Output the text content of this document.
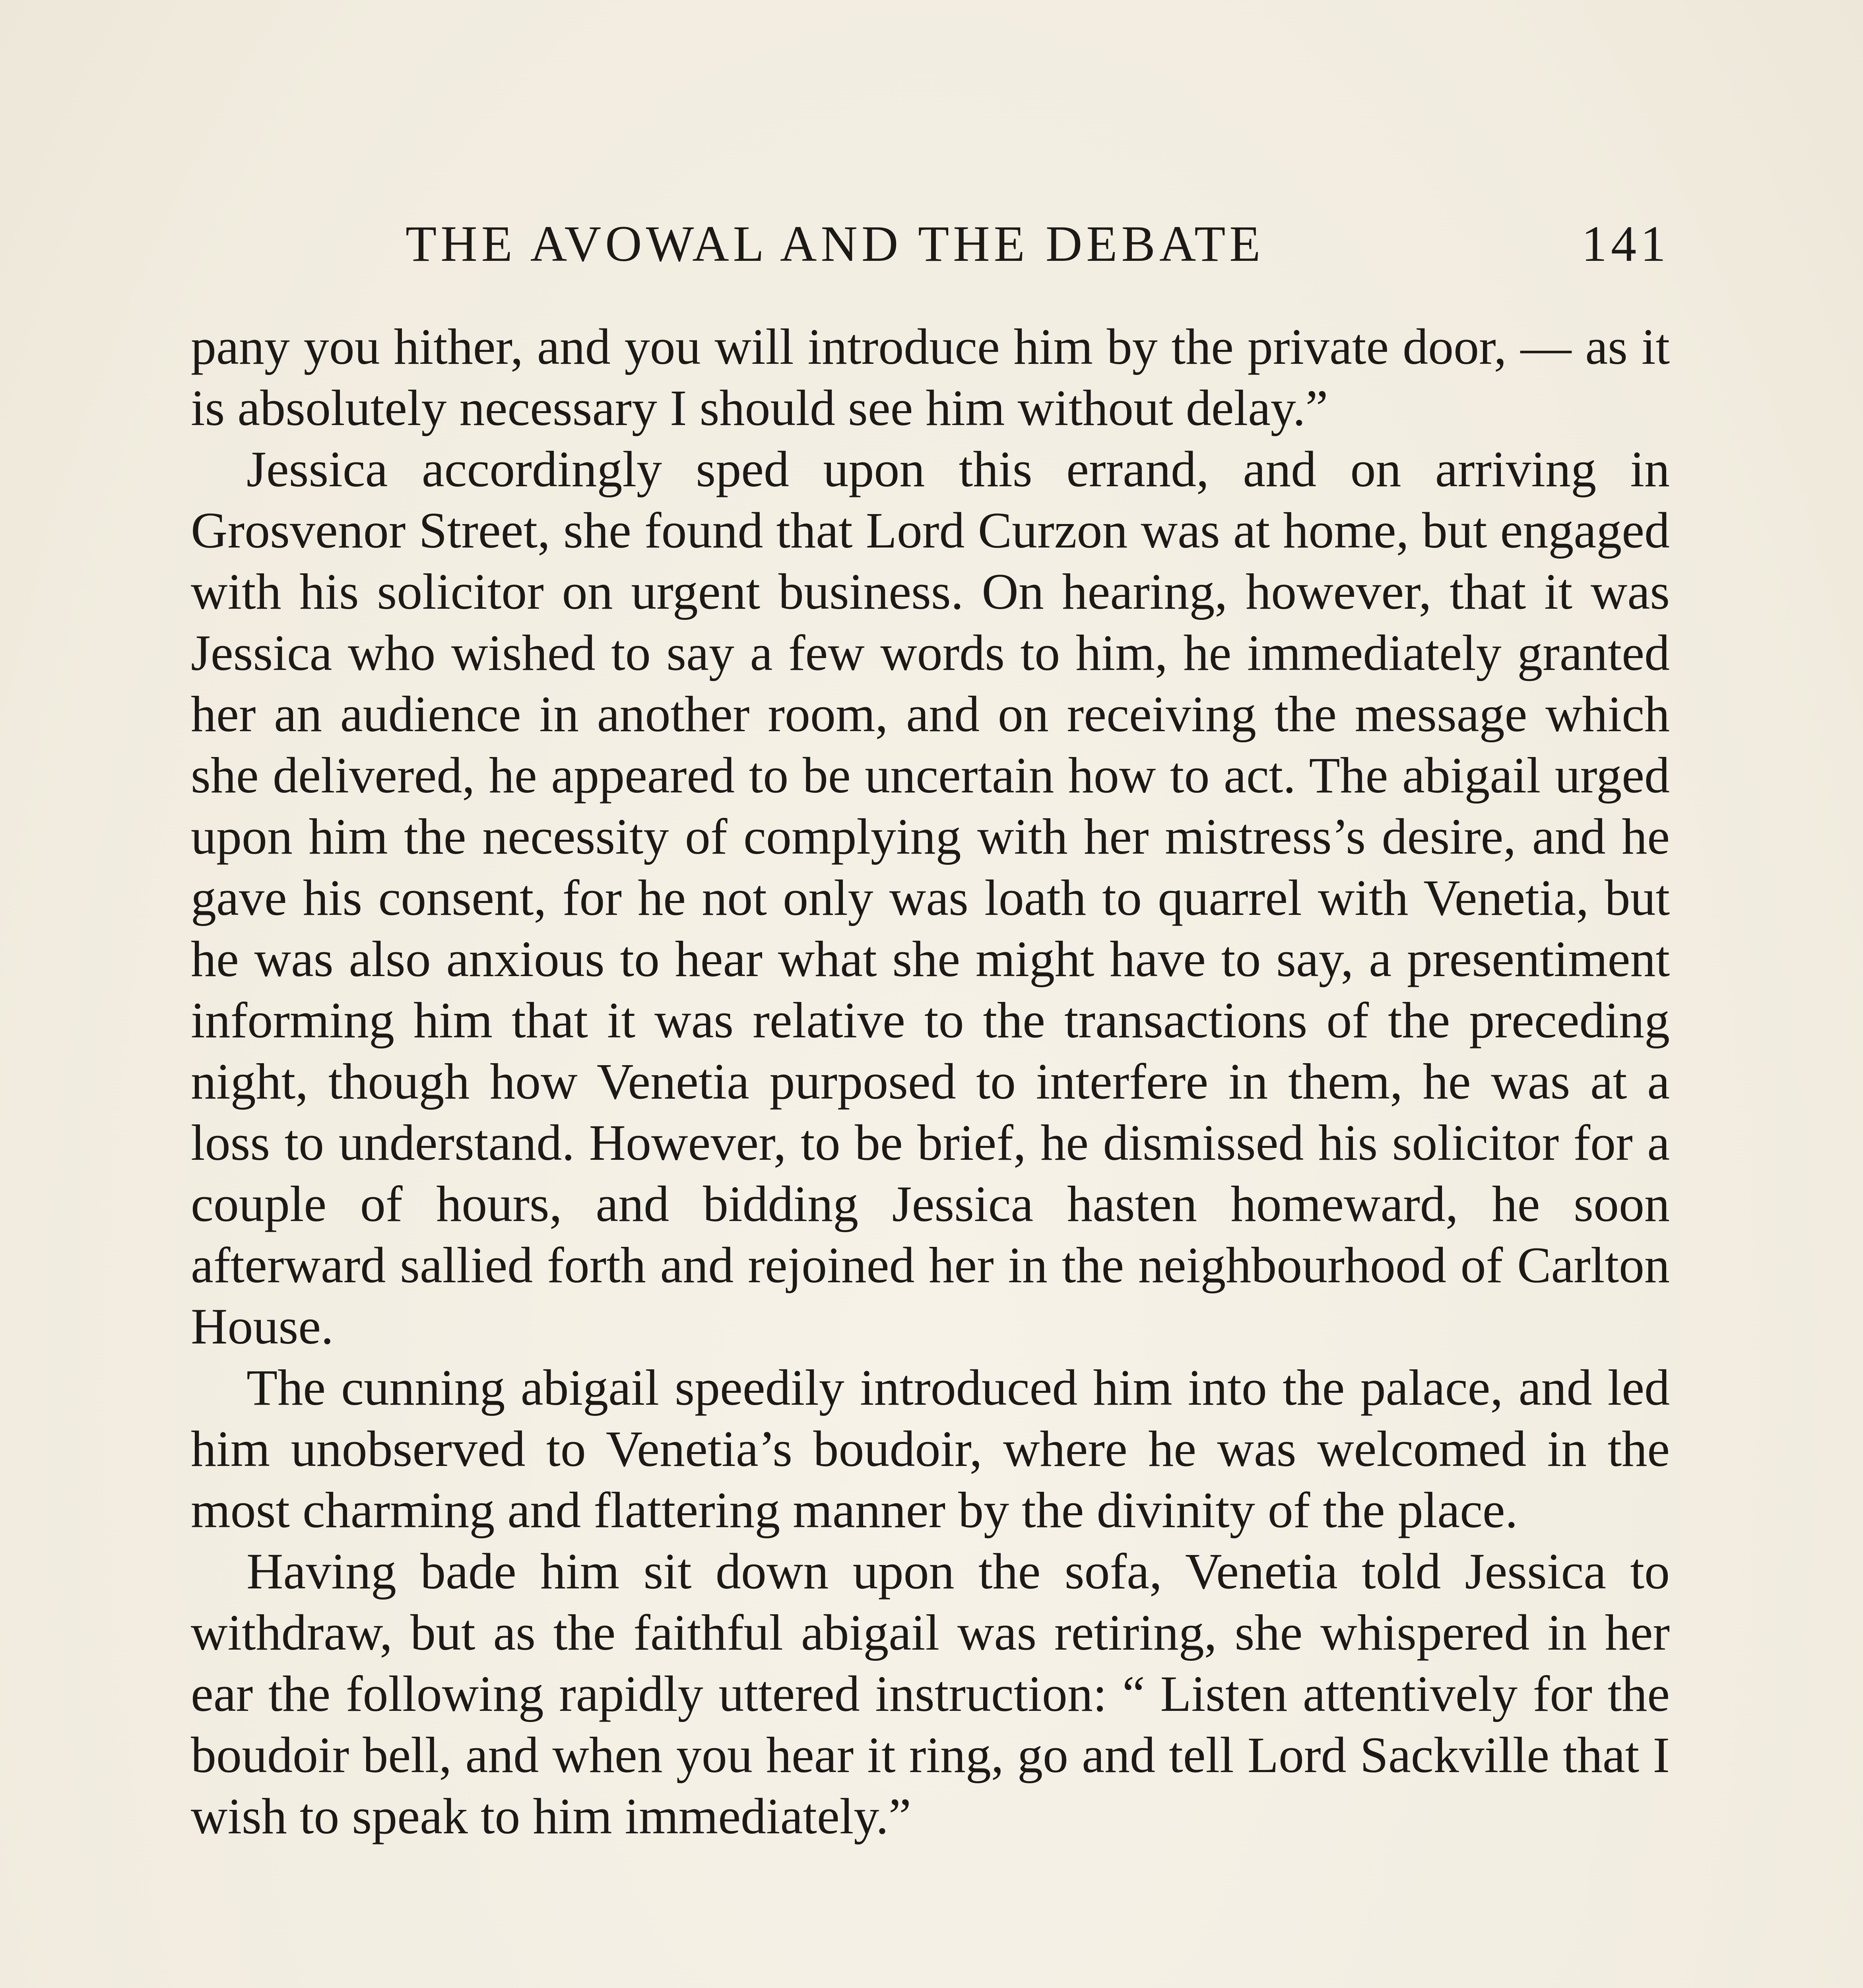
THE AVOWAL AND THE DEBATE	141

pany you hither, and you will introduce him by the private door, — as it is absolutely necessary I should see him without delay.”

Jessica accordingly sped upon this errand, and on arriving in Grosvenor Street, she found that Lord Curzon was at home, but engaged with his solicitor on urgent business. On hearing, however, that it was Jessica who wished to say a few words to him, he immediately granted her an audience in another room, and on receiving the message which she delivered, he appeared to be uncertain how to act. The abigail urged upon him the necessity of complying with her mistress’s desire, and he gave his consent, for he not only was loath to quarrel with Venetia, but he was also anxious to hear what she might have to say, a presentiment informing him that it was relative to the transactions of the preceding night, though how Venetia purposed to interfere in them, he was at a loss to understand. However, to be brief, he dismissed his solicitor for a couple of hours, and bidding Jessica hasten homeward, he soon afterward sallied forth and rejoined her in the neighbourhood of Carlton House.

The cunning abigail speedily introduced him into the palace, and led him unobserved to Venetia’s boudoir, where he was welcomed in the most charming and flattering manner by the divinity of the place.

Having bade him sit down upon the sofa, Venetia told Jessica to withdraw, but as the faithful abigail was retiring, she whispered in her ear the following rapidly uttered instruction: “ Listen attentively for the boudoir bell, and when you hear it ring, go and tell Lord Sackville that I wish to speak to him immediately.”
